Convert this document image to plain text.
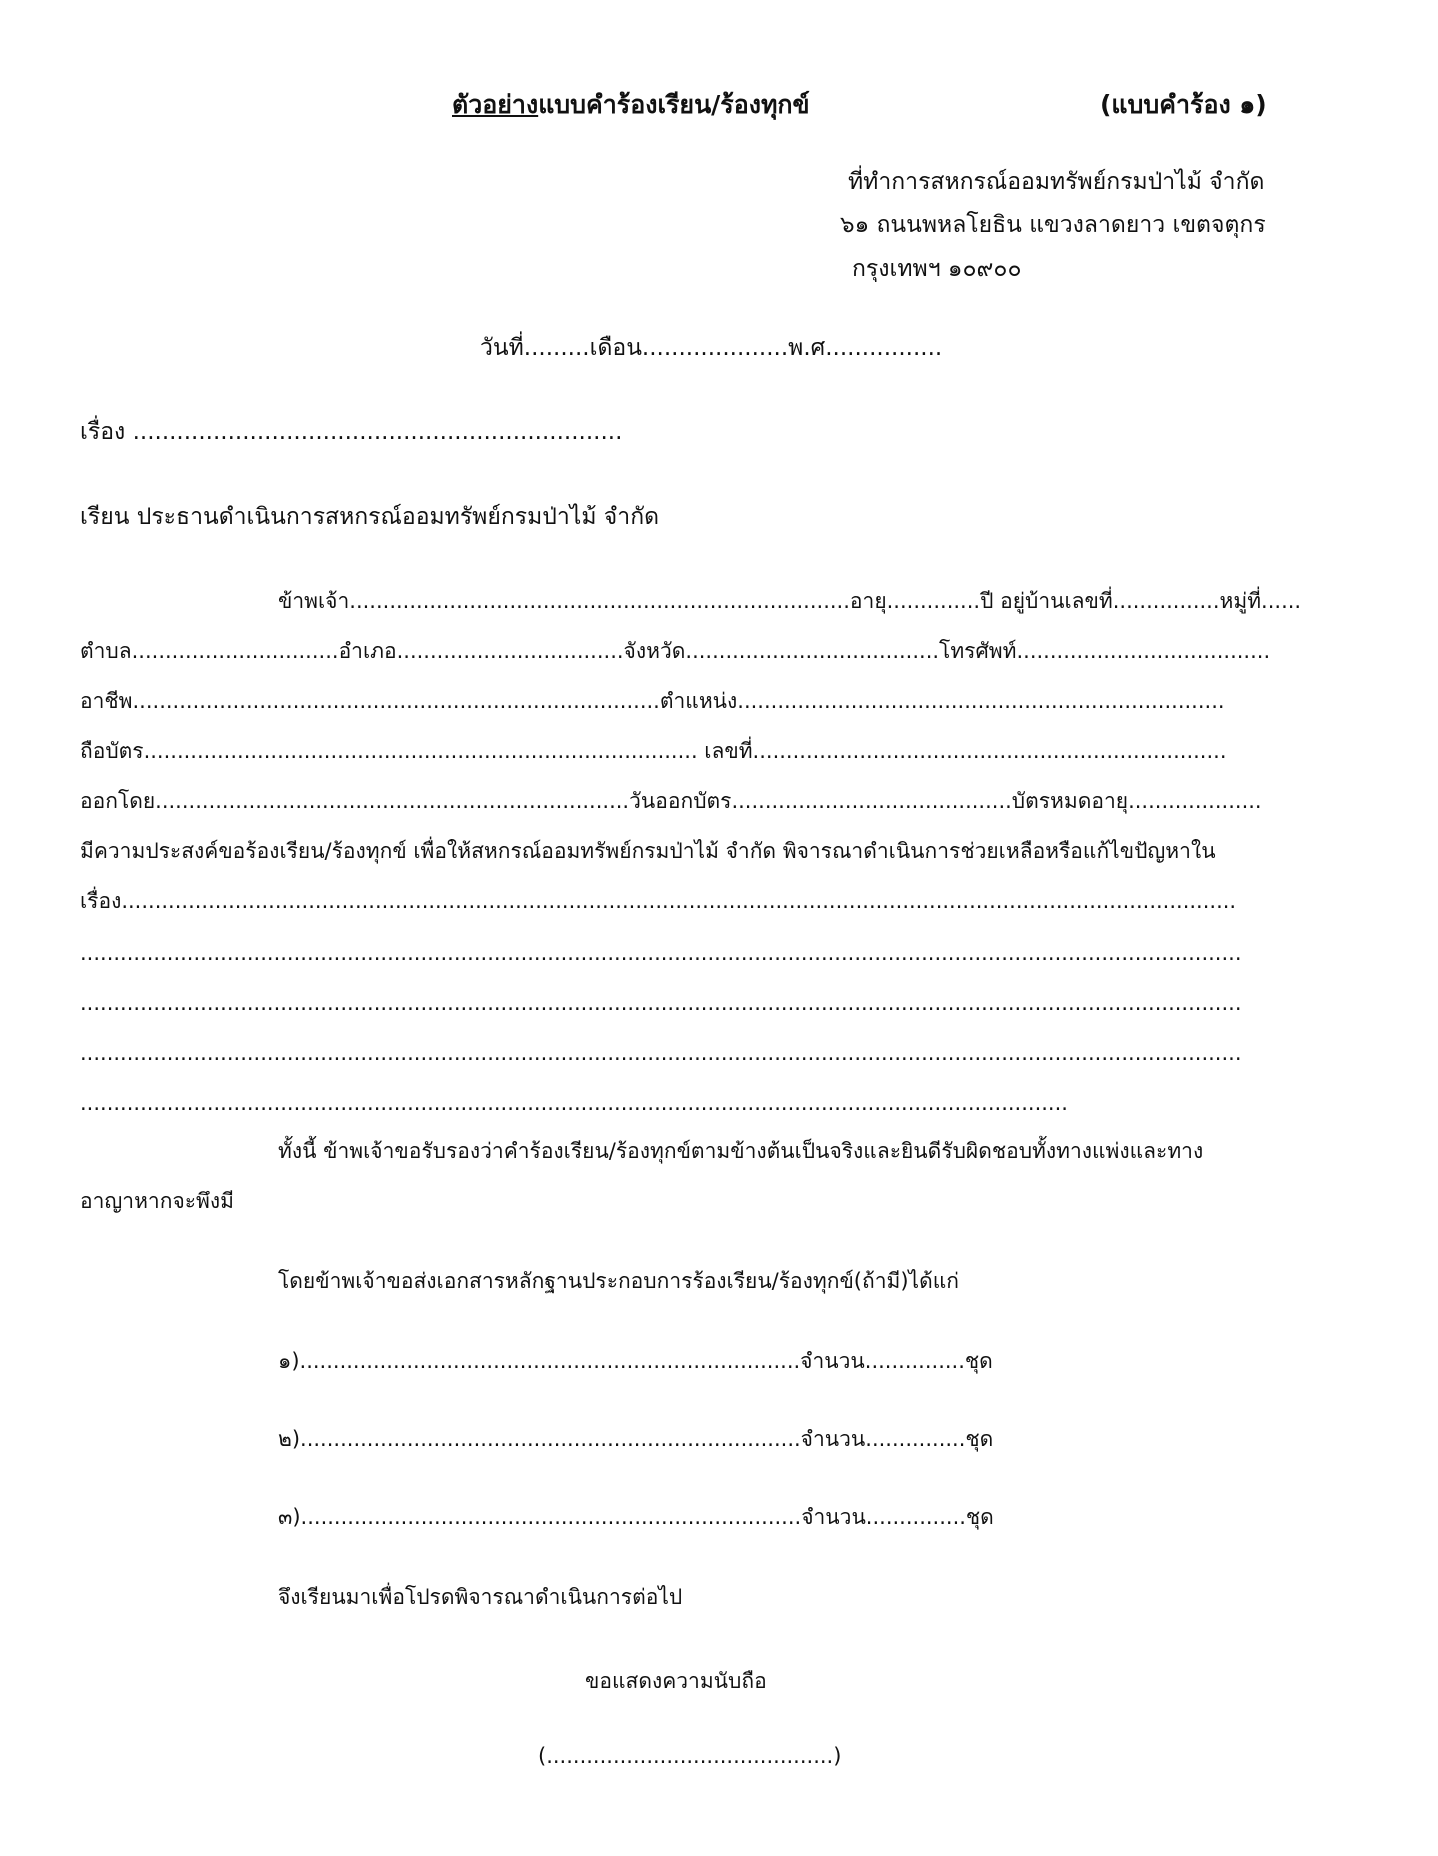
ตัวอย่างแบบคำร้องเรียน/ร้องทุกข์	(แบบคำร้อง ๑)
ที่ทำการสหกรณ์ออมทรัพย์กรมป่าไม้ จำกัด
๖๑ ถนนพหลโยธิน แขวงลาดยาว เขตจตุกร
กรุงเทพฯ ๑๐๙๐๐
วันที่.........เดือน....................พ.ศ................
เรื่อง ...................................................................
เรียน ประธานดำเนินการสหกรณ์ออมทรัพย์กรมป่าไม้ จำกัด
ข้าพเจ้า...........................................................................อายุ..............ปี อยู่บ้านเลขที่................หมู่ที่......
ตำบล...............................อำเภอ..................................จังหวัด......................................โทรศัพท์......................................
อาชีพ...............................................................................ตำแหน่ง.........................................................................
ถือบัตร................................................................................... เลขที่.......................................................................
ออกโดย.......................................................................วันออกบัตร..........................................บัตรหมดอายุ....................
มีความประสงค์ขอร้องเรียน/ร้องทุกข์ เพื่อให้สหกรณ์ออมทรัพย์กรมป่าไม้ จำกัด พิจารณาดำเนินการช่วยเหลือหรือแก้ไขปัญหาใน
เรื่อง.......................................................................................................................................................................
..............................................................................................................................................................................
..............................................................................................................................................................................
..............................................................................................................................................................................
....................................................................................................................................................
ทั้งนี้ ข้าพเจ้าขอรับรองว่าคำร้องเรียน/ร้องทุกข์ตามข้างต้นเป็นจริงและยินดีรับผิดชอบทั้งทางแพ่งและทาง
อาญาหากจะพึงมี
โดยข้าพเจ้าขอส่งเอกสารหลักฐานประกอบการร้องเรียน/ร้องทุกข์(ถ้ามี)ได้แก่
๑)...........................................................................จำนวน...............ชุด
๒)...........................................................................จำนวน...............ชุด
๓)...........................................................................จำนวน...............ชุด
จึงเรียนมาเพื่อโปรดพิจารณาดำเนินการต่อไป
ขอแสดงความนับถือ
(...........................................)
